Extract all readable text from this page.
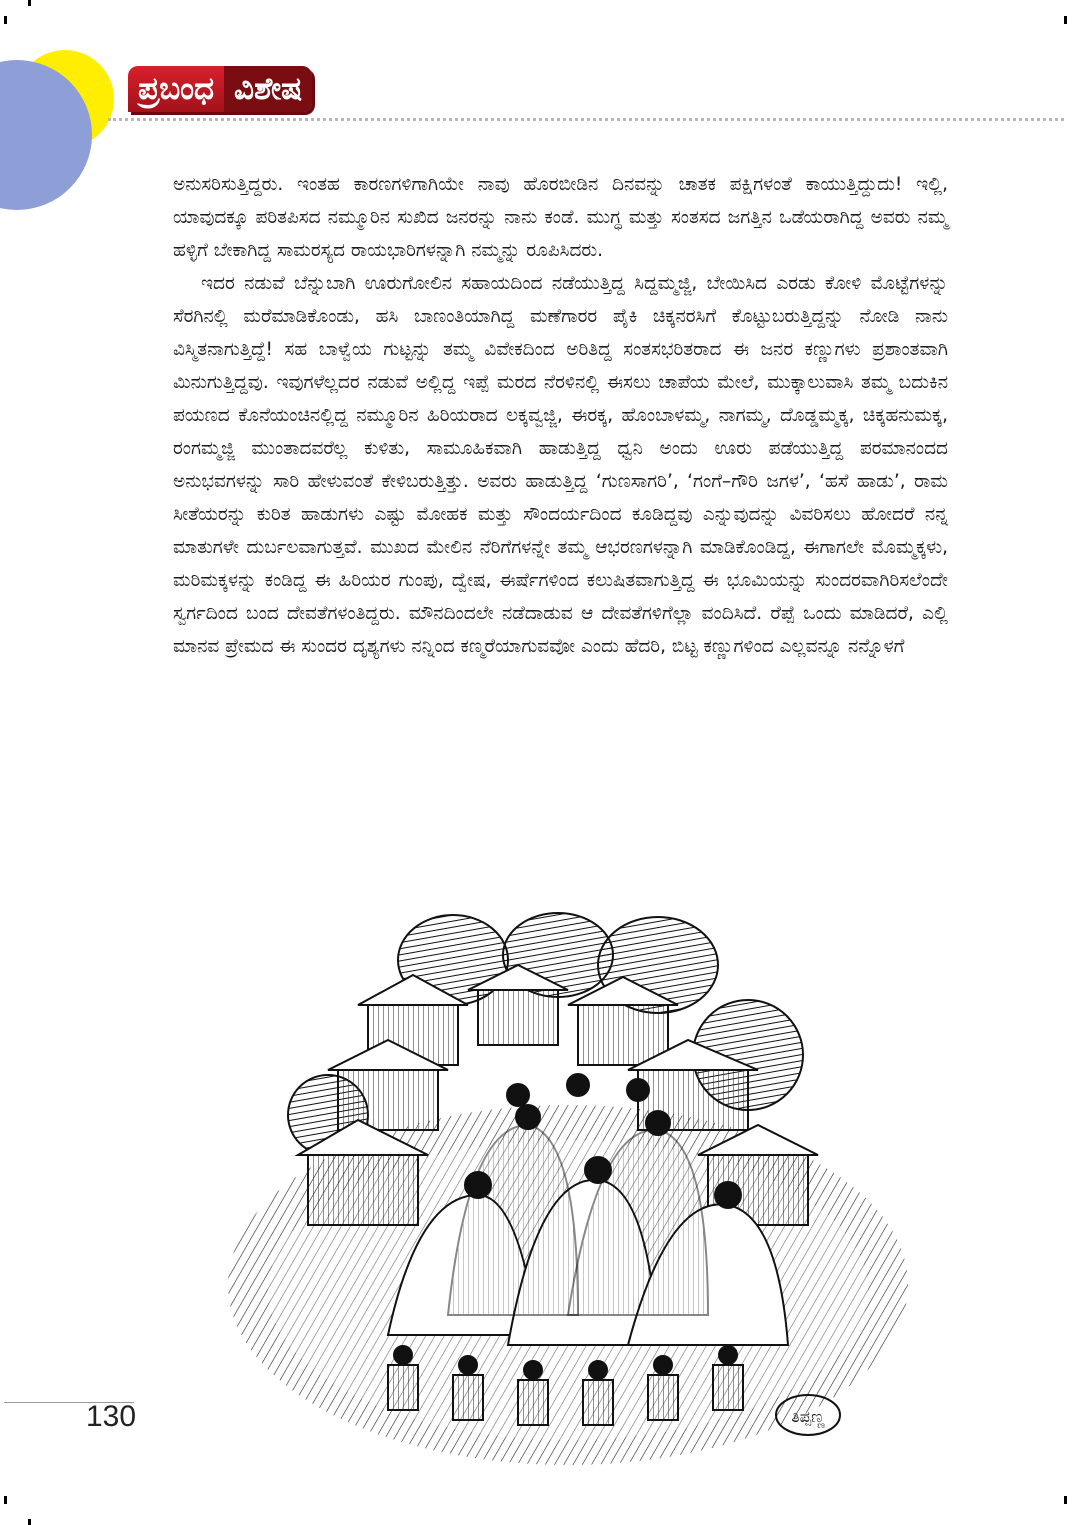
ಪ್ರಬಂಧ ವಿಶೇಷ

ಅನುಸರಿಸುತ್ತಿದ್ದರು. ಇಂತಹ ಕಾರಣಗಳಿಗಾಗಿಯೇ ನಾವು ಹೊರಬೀಡಿನ ದಿನವನ್ನು ಚಾತಕ ಪಕ್ಷಿಗಳಂತೆ ಕಾಯುತ್ತಿದ್ದುದು! ಇಲ್ಲಿ, ಯಾವುದಕ್ಕೂ ಪರಿತಪಿಸದ ನಮ್ಮೂರಿನ ಸುಖಿದ ಜನರನ್ನು ನಾನು ಕಂಡೆ. ಮುಗ್ಧ ಮತ್ತು ಸಂತಸದ ಜಗತ್ತಿನ ಒಡೆಯರಾಗಿದ್ದ ಅವರು ನಮ್ಮ ಹಳ್ಳಿಗೆ ಬೇಕಾಗಿದ್ದ ಸಾಮರಸ್ಯದ ರಾಯಭಾರಿಗಳನ್ನಾಗಿ ನಮ್ಮನ್ನು ರೂಪಿಸಿದರು.

ಇದರ ನಡುವೆ ಬೆನ್ನುಬಾಗಿ ಊರುಗೋಲಿನ ಸಹಾಯದಿಂದ ನಡೆಯುತ್ತಿದ್ದ ಸಿದ್ದಮ್ಮಜ್ಜಿ, ಬೇಯಿಸಿದ ಎರಡು ಕೋಳಿ ಮೊಟ್ಟೆಗಳನ್ನು ಸೆರಗಿನಲ್ಲಿ ಮರೆಮಾಡಿಕೊಂಡು, ಹಸಿ ಬಾಣಂತಿಯಾಗಿದ್ದ ಮಣೆಗಾರರ ಪೈಕಿ ಚಿಕ್ಕನರಸಿಗೆ ಕೊಟ್ಟುಬರುತ್ತಿದ್ದನ್ನು ನೋಡಿ ನಾನು ವಿಸ್ಮಿತನಾಗುತ್ತಿದ್ದೆ! ಸಹ ಬಾಳ್ವೆಯ ಗುಟ್ಟನ್ನು ತಮ್ಮ ವಿವೇಕದಿಂದ ಅರಿತಿದ್ದ ಸಂತಸಭರಿತರಾದ ಈ ಜನರ ಕಣ್ಣುಗಳು ಪ್ರಶಾಂತವಾಗಿ ಮಿನುಗುತ್ತಿದ್ದವು. ಇವುಗಳೆಲ್ಲದರ ನಡುವೆ ಅಲ್ಲಿದ್ದ ಇಪ್ಪೆ ಮರದ ನೆರಳಿನಲ್ಲಿ ಈಸಲು ಚಾಪೆಯ ಮೇಲೆ, ಮುಕ್ಕಾಲುವಾಸಿ ತಮ್ಮ ಬದುಕಿನ ಪಯಣದ ಕೊನೆಯಂಚಿನಲ್ಲಿದ್ದ ನಮ್ಮೂರಿನ ಹಿರಿಯರಾದ ಲಕ್ಕವ್ವಜ್ಜಿ, ಈರಕ್ಕ, ಹೊಂಬಾಳಮ್ಮ, ನಾಗಮ್ಮ, ದೊಡ್ಡಮ್ಮಕ್ಕ, ಚಿಕ್ಕಹನುಮಕ್ಕ, ರಂಗಮ್ಮಜ್ಜಿ ಮುಂತಾದವರೆಲ್ಲ ಕುಳಿತು, ಸಾಮೂಹಿಕವಾಗಿ ಹಾಡುತ್ತಿದ್ದ ಧ್ವನಿ ಅಂದು ಊರು ಪಡೆಯುತ್ತಿದ್ದ ಪರಮಾನಂದದ ಅನುಭವಗಳನ್ನು ಸಾರಿ ಹೇಳುವಂತೆ ಕೇಳಿಬರುತ್ತಿತ್ತು. ಅವರು ಹಾಡುತ್ತಿದ್ದ ‘ಗುಣಸಾಗರಿ’, ‘ಗಂಗೆ–ಗೌರಿ ಜಗಳ’, ‘ಹಸೆ ಹಾಡು’, ರಾಮ ಸೀತೆಯರನ್ನು ಕುರಿತ ಹಾಡುಗಳು ಎಷ್ಟು ಮೋಹಕ ಮತ್ತು ಸೌಂದರ್ಯದಿಂದ ಕೂಡಿದ್ದವು ಎನ್ನುವುದನ್ನು ವಿವರಿಸಲು ಹೋದರೆ ನನ್ನ ಮಾತುಗಳೇ ದುರ್ಬಲವಾಗುತ್ತವೆ. ಮುಖದ ಮೇಲಿನ ನೆರಿಗೆಗಳನ್ನೇ ತಮ್ಮ ಆಭರಣಗಳನ್ನಾಗಿ ಮಾಡಿಕೊಂಡಿದ್ದ, ಈಗಾಗಲೇ ಮೊಮ್ಮಕ್ಕಳು, ಮರಿಮಕ್ಕಳನ್ನು ಕಂಡಿದ್ದ ಈ ಹಿರಿಯರ ಗುಂಪು, ದ್ವೇಷ, ಈರ್ಷೆಗಳಿಂದ ಕಲುಷಿತವಾಗುತ್ತಿದ್ದ ಈ ಭೂಮಿಯನ್ನು ಸುಂದರವಾಗಿರಿಸಲೆಂದೇ ಸ್ವರ್ಗದಿಂದ ಬಂದ ದೇವತೆಗಳಂತಿದ್ದರು. ಮೌನದಿಂದಲೇ ನಡೆದಾಡುವ ಆ ದೇವತೆಗಳಿಗೆಲ್ಲಾ ವಂದಿಸಿದೆ. ರೆಪ್ಪೆ ಒಂದು ಮಾಡಿದರೆ, ಎಲ್ಲಿ ಮಾನವ ಪ್ರೇಮದ ಈ ಸುಂದರ ದೃಶ್ಯಗಳು ನನ್ನಿಂದ ಕಣ್ಮರೆಯಾಗುವವೋ ಎಂದು ಹೆದರಿ, ಬಿಟ್ಟ ಕಣ್ಣುಗಳಿಂದ ಎಲ್ಲವನ್ನೂ ನನ್ನೊಳಗೆ

ತಿಪ್ಪಣ್ಣ
130
